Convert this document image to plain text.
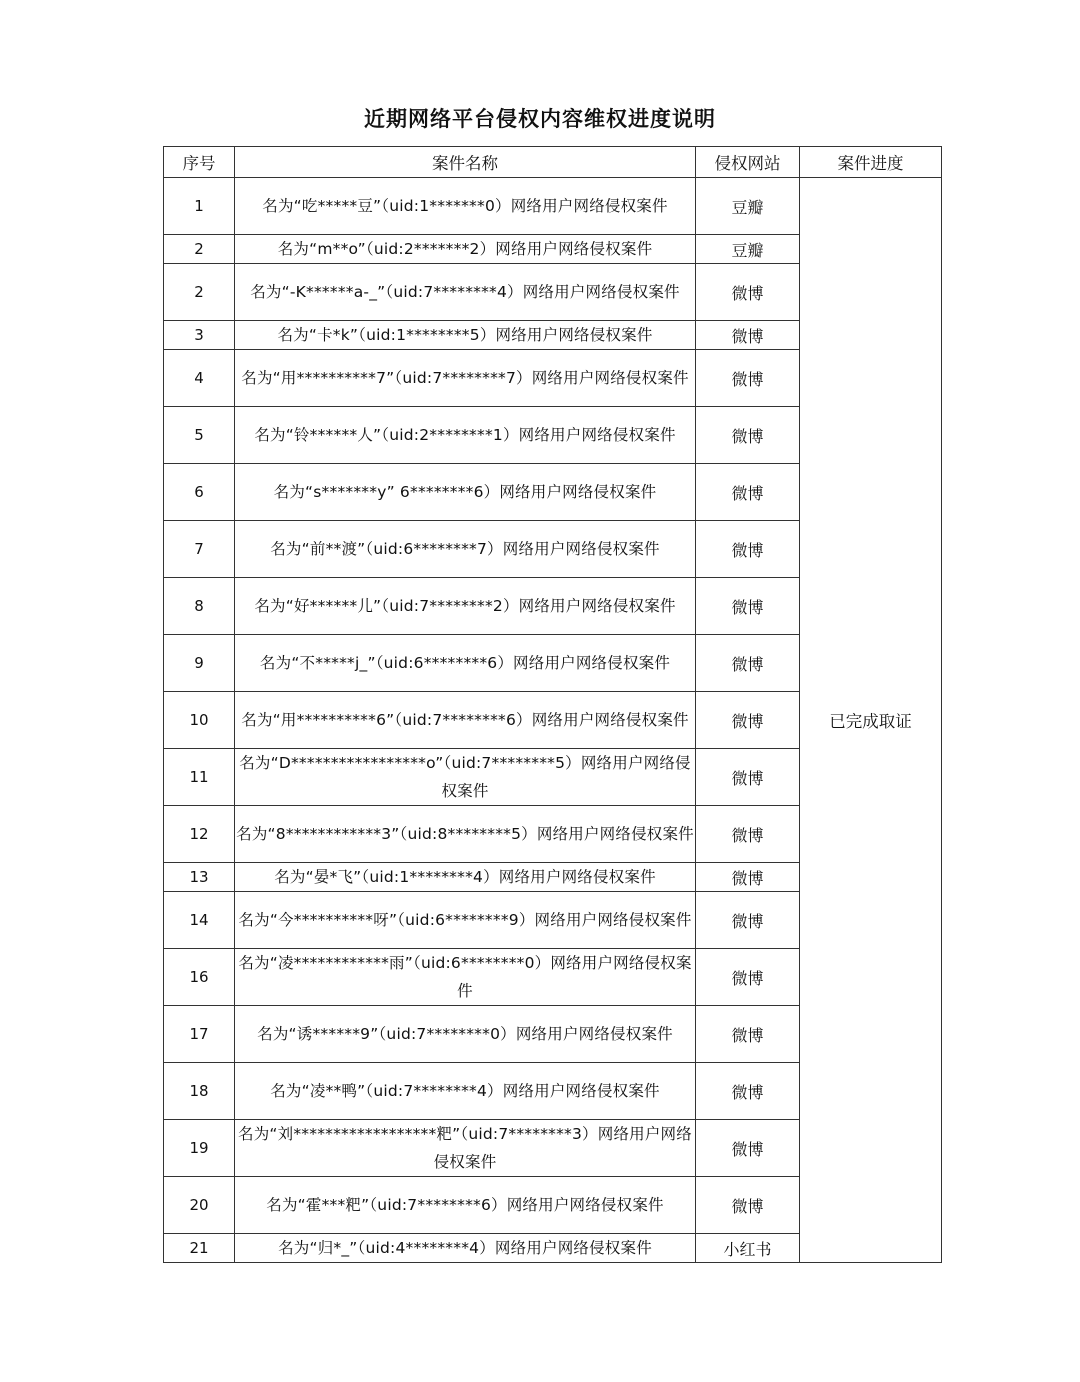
近期网络平台侵权内容维权进度说明
序号	案件名称	侵权网站	案件进度
1	名为“吃*****豆”（uid:1*******0）网络用户网络侵权案件	豆瓣	已完成取证
2	名为“m**o”（uid:2*******2）网络用户网络侵权案件	豆瓣	
2	名为“-K******a-_”（uid:7********4）网络用户网络侵权案件	微博	
3	名为“卡*k”（uid:1********5）网络用户网络侵权案件	微博	
4	名为“用**********7”（uid:7********7）网络用户网络侵权案件	微博	
5	名为“铃******人”（uid:2********1）网络用户网络侵权案件	微博	
6	名为“s*******y” 6********6）网络用户网络侵权案件	微博	
7	名为“前**渡”（uid:6********7）网络用户网络侵权案件	微博	
8	名为“好******儿”（uid:7********2）网络用户网络侵权案件	微博	
9	名为“不*****j_”（uid:6********6）网络用户网络侵权案件	微博	
10	名为“用**********6”（uid:7********6）网络用户网络侵权案件	微博	
11	名为“D*****************o”（uid:7********5）网络用户网络侵权案件	微博	
12	名为“8************3”（uid:8********5）网络用户网络侵权案件	微博	
13	名为“晏*飞”（uid:1********4）网络用户网络侵权案件	微博	
14	名为“今**********呀”（uid:6********9）网络用户网络侵权案件	微博	
16	名为“凌************雨”（uid:6********0）网络用户网络侵权案件	微博	
17	名为“诱******9”（uid:7********0）网络用户网络侵权案件	微博	
18	名为“凌**鸭”（uid:7********4）网络用户网络侵权案件	微博	
19	名为“刘******************粑”（uid:7********3）网络用户网络侵权案件	微博	
20	名为“霍***粑”（uid:7********6）网络用户网络侵权案件	微博	
21	名为“归*_”（uid:4********4）网络用户网络侵权案件	小红书	
